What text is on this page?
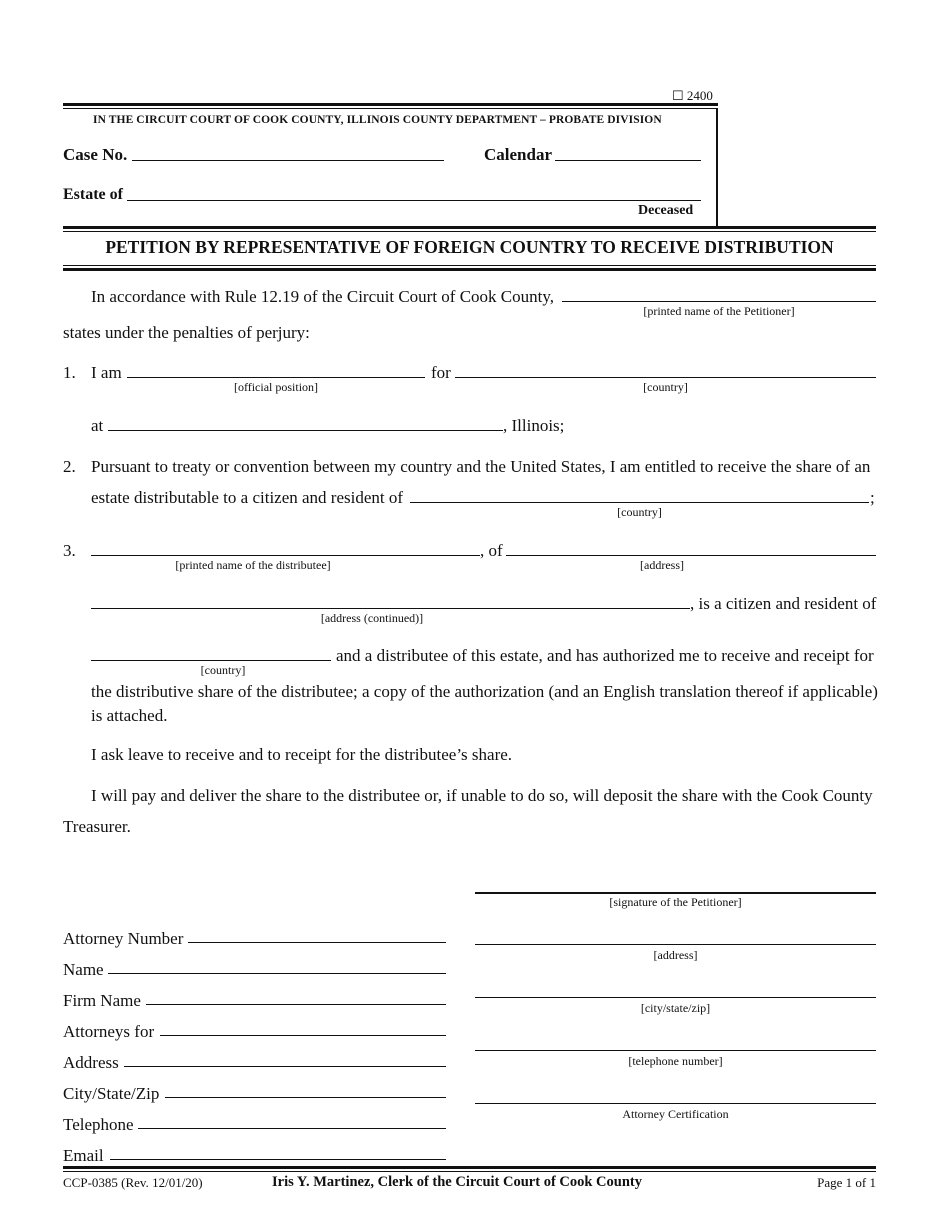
☐ 2400
IN THE CIRCUIT COURT OF COOK COUNTY, ILLINOIS COUNTY DEPARTMENT – PROBATE DIVISION
Case No.	Calendar
Estate of
Deceased
PETITION BY REPRESENTATIVE OF FOREIGN COUNTRY TO RECEIVE DISTRIBUTION
In accordance with Rule 12.19 of the Circuit Court of Cook County,
[printed name of the Petitioner]
states under the penalties of perjury:
1. I am
[official position]
for
[country]
at	, Illinois;
2. Pursuant to treaty or convention between my country and the United States, I am entitled to receive the share of an
estate distributable to a citizen and resident of
[country]
;
3.
[printed name of the distributee]
, of
[address]
[address (continued)]
, is a citizen and resident of
[country]
and a distributee of this estate, and has authorized me to receive and receipt for
the distributive share of the distributee; a copy of the authorization (and an English translation thereof if applicable)
is attached.
I ask leave to receive and to receipt for the distributee’s share.
I will pay and deliver the share to the distributee or, if unable to do so, will deposit the share with the Cook County
Treasurer.
[signature of the Petitioner]
[address]
[city/state/zip]
[telephone number]
Attorney Certification
Attorney Number
Name
Firm Name
Attorneys for
Address
City/State/Zip
Telephone
Email
CCP-0385 (Rev. 12/01/20)	Iris Y. Martinez, Clerk of the Circuit Court of Cook County	Page 1 of 1
